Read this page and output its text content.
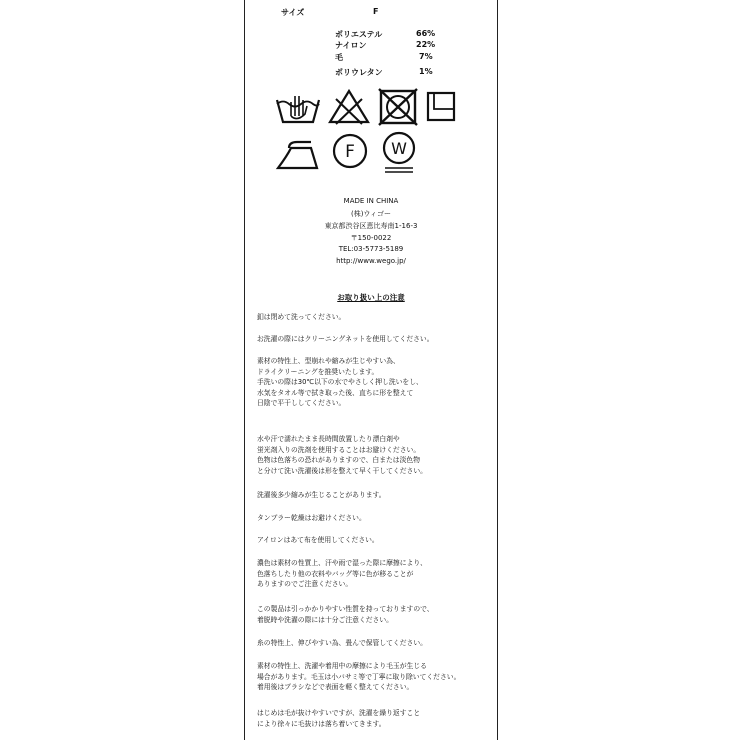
サイズ	F
ポリエステル	66%
ナイロン	22%
毛	7%
ポリウレタン	1%
F W
MADE IN CHINA
(株)ウィゴー
東京都渋谷区恵比寿南1-16-3
〒150-0022
TEL:03-5773-5189
http://www.wego.jp/
お取り扱い上の注意
釦は閉めて洗ってください。
お洗濯の際にはクリーニングネットを使用してください。
素材の特性上、型崩れや縮みが生じやすい為、
ドライクリーニングを推奨いたします。
手洗いの際は30℃以下の水でやさしく押し洗いをし、
水気をタオル等で拭き取った後、直ちに形を整えて
日陰で平干ししてください。
水や汗で濡れたまま長時間放置したり漂白剤や
蛍光剤入りの洗剤を使用することはお避けください。
色物は色落ちの恐れがありますので、白または淡色物
と分けて洗い洗濯後は形を整えて早く干してください。
洗濯後多少縮みが生じることがあります。
タンブラー乾燥はお避けください。
アイロンはあて布を使用してください。
濃色は素材の性質上、汗や雨で湿った際に摩擦により、
色落ちしたり他の衣料やバッグ等に色が移ることが
ありますのでご注意ください。
この製品は引っかかりやすい性質を持っておりますので、
着脱時や洗濯の際には十分ご注意ください。
糸の特性上、伸びやすい為、畳んで保管してください。
素材の特性上、洗濯や着用中の摩擦により毛玉が生じる
場合があります。毛玉は小バサミ等で丁寧に取り除いてください。
着用後はブラシなどで表面を軽く整えてください。
はじめは毛が抜けやすいですが、洗濯を繰り返すこと
により徐々に毛抜けは落ち着いてきます。
